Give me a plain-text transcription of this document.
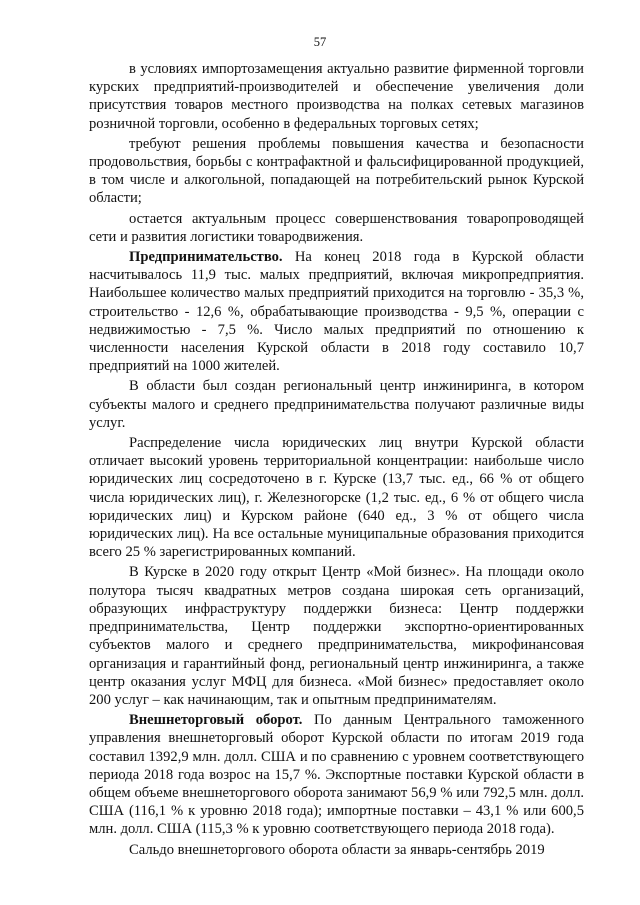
57

в условиях импортозамещения актуально развитие фирменной торговли курских предприятий-производителей и обеспечение увеличения доли присутствия товаров местного производства на полках сетевых магазинов розничной торговли, особенно в федеральных торговых сетях;

требуют решения проблемы повышения качества и безопасности продовольствия, борьбы с контрафактной и фальсифицированной продукцией, в том числе и алкогольной, попадающей на потребительский рынок Курской области;

остается актуальным процесс совершенствования товаропроводящей сети и развития логистики товародвижения.

Предпринимательство. На конец 2018 года в Курской области насчитывалось 11,9 тыс. малых предприятий, включая микропредприятия. Наибольшее количество малых предприятий приходится на торговлю - 35,3 %, строительство - 12,6 %, обрабатывающие производства - 9,5 %, операции с недвижимостью - 7,5 %. Число малых предприятий по отношению к численности населения Курской области в 2018 году составило 10,7 предприятий на 1000 жителей.

В области был создан региональный центр инжиниринга, в котором субъекты малого и среднего предпринимательства получают различные виды услуг.

Распределение числа юридических лиц внутри Курской области отличает высокий уровень территориальной концентрации: наибольше число юридических лиц сосредоточено в г. Курске (13,7 тыс. ед., 66 % от общего числа юридических лиц), г. Железногорске (1,2 тыс. ед., 6 % от общего числа юридических лиц) и Курском районе (640 ед., 3 % от общего числа юридических лиц). На все остальные муниципальные образования приходится всего 25 % зарегистрированных компаний.

В Курске в 2020 году открыт Центр «Мой бизнес». На площади около полутора тысяч квадратных метров создана широкая сеть организаций, образующих инфраструктуру поддержки бизнеса: Центр поддержки предпринимательства, Центр поддержки экспортно-ориентированных субъектов малого и среднего предпринимательства, микрофинансовая организация и гарантийный фонд, региональный центр инжиниринга, а также центр оказания услуг МФЦ для бизнеса. «Мой бизнес» предоставляет около 200 услуг – как начинающим, так и опытным предпринимателям.

Внешнеторговый оборот. По данным Центрального таможенного управления внешнеторговый оборот Курской области по итогам 2019 года составил 1392,9 млн. долл. США и по сравнению с уровнем соответствующего периода 2018 года возрос на 15,7 %. Экспортные поставки Курской области в общем объеме внешнеторгового оборота занимают 56,9 % или 792,5 млн. долл. США (116,1 % к уровню 2018 года); импортные поставки – 43,1 % или 600,5 млн. долл. США (115,3 % к уровню соответствующего периода 2018 года).

Сальдо внешнеторгового оборота области за январь-сентябрь 2019
